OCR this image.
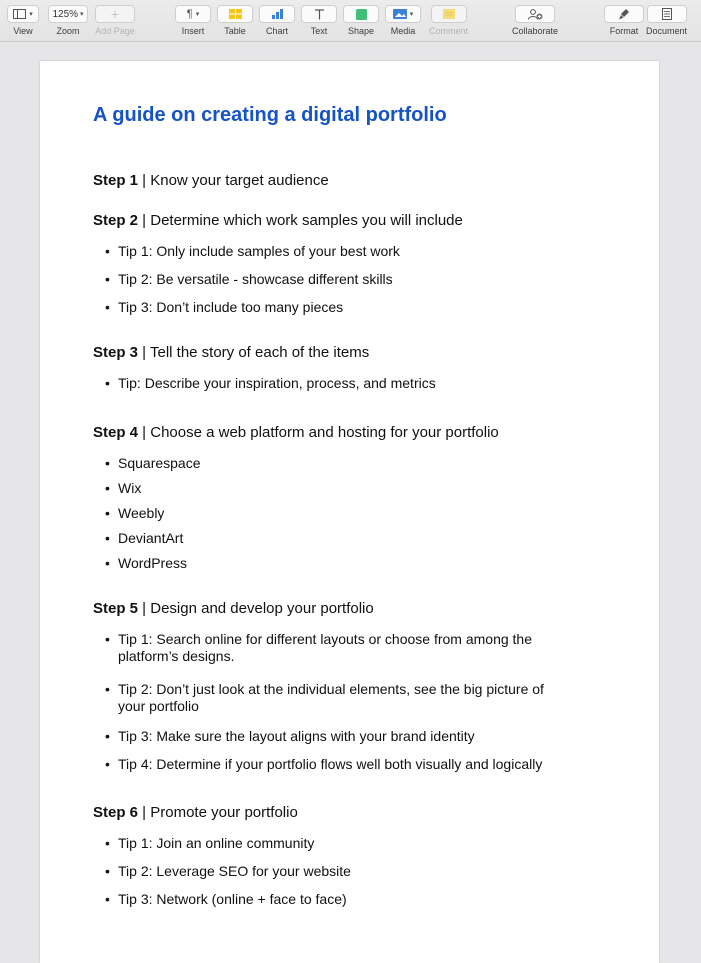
▾
View
125% ▾
Zoom
+
Add Page
¶ ▾
Insert Table Chart	Text Shape
▾
Media Comment	Collaborate	Format Document
A guide on creating a digital portfolio
Step 1 | Know your target audience
Step 2 | Determine which work samples you will include
• Tip 1: Only include samples of your best work
• Tip 2: Be versatile - showcase different skills
• Tip 3: Don’t include too many pieces
Step 3 | Tell the story of each of the items
• Tip: Describe your inspiration, process, and metrics
Step 4 | Choose a web platform and hosting for your portfolio
• Squarespace
• Wix
• Weebly
• DeviantArt
• WordPress
Step 5 | Design and develop your portfolio
• Tip 1: Search online for different layouts or choose from among the platform’s designs.
• Tip 2: Don’t just look at the individual elements, see the big picture of your portfolio
• Tip 3: Make sure the layout aligns with your brand identity
• Tip 4: Determine if your portfolio flows well both visually and logically
Step 6 | Promote your portfolio
• Tip 1: Join an online community
• Tip 2: Leverage SEO for your website
• Tip 3: Network (online + face to face)
